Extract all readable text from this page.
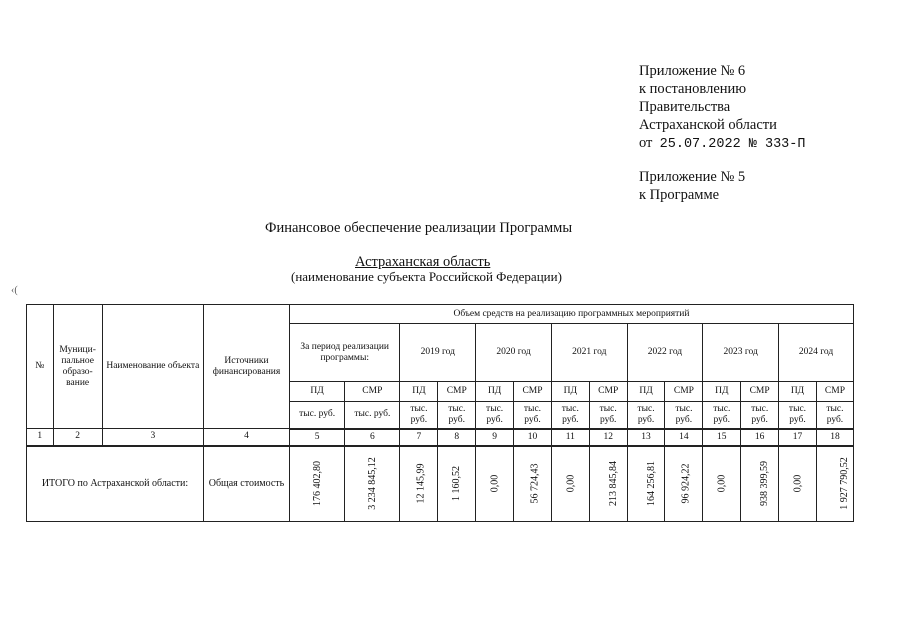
Приложение № 6
к постановлению
Правительства
Астраханской области
от 25.07.2022 № 333-П
Приложение № 5
к Программе
Финансовое обеспечение реализации Программы
Астраханская область
(наименование субъекта Российской Федерации)
‹(
№	Муници-пальное образо-вание	Наименование объекта	Источники финансирования	Объем средств на реализацию программных мероприятий													
				За период реализации программы:		2019 год		2020 год		2021 год		2022 год		2023 год		2024 год	
				ПД	СМР	ПД	СМР	ПД	СМР	ПД	СМР	ПД	СМР	ПД	СМР	ПД	СМР
				тыс. руб.	тыс. руб.	тыс. руб.	тыс. руб.	тыс. руб.	тыс. руб.	тыс. руб.	тыс. руб.	тыс. руб.	тыс. руб.	тыс. руб.	тыс. руб.	тыс. руб.	тыс. руб.
1	2	3	4	5	6	7	8	9	10	11	12	13	14	15	16	17	18
ИТОГО по Астраханской области:			Общая стоимость	176 402,80	3 234 845,12	12 145,99	1 160,52	0,00	56 724,43	0,00	213 845,84	164 256,81	96 924,22	0,00	938 399,59	0,00	1 927 790,52
